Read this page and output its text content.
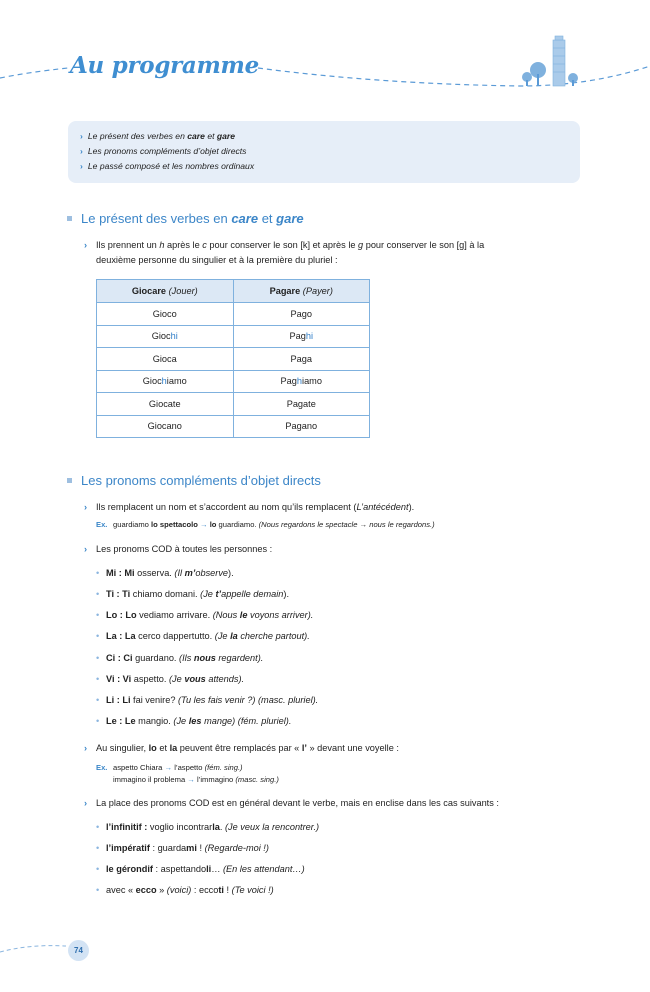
Au programme
› Le présent des verbes en care et gare
› Les pronoms compléments d’objet directs
› Le passé composé et les nombres ordinaux
Le présent des verbes en care et gare
› Ils prennent un h après le c pour conserver le son [k] et après le g pour conserver le son [g] à la
deuxième personne du singulier et à la première du pluriel :
Giocare (Jouer)	Pagare (Payer)
Gioco	Pago
Giochi	Paghi
Gioca	Paga
Giochiamo	Paghiamo
Giocate	Pagate
Giocano	Pagano
Les pronoms compléments d’objet directs
› Ils remplacent un nom et s’accordent au nom qu’ils remplacent (L’antécédent).
Ex. guardiamo lo spettacolo → lo guardiamo. (Nous regardons le spectacle → nous le regardons.)
› Les pronoms COD à toutes les personnes :
• Mi : Mi osserva. (Il m’observe).
• Ti : Ti chiamo domani. (Je t’appelle demain).
• Lo : Lo vediamo arrivare. (Nous le voyons arriver).
• La : La cerco dappertutto. (Je la cherche partout).
• Ci : Ci guardano. (Ils nous regardent).
• Vi : Vi aspetto. (Je vous attends).
• Li : Li fai venire? (Tu les fais venir ?) (masc. pluriel).
• Le : Le mangio. (Je les mange) (fém. pluriel).
› Au singulier, lo et la peuvent être remplacés par « l’ » devant une voyelle :
Ex. aspetto Chiara → l’aspetto (fém. sing.)
immagino il problema → l’immagino (masc. sing.)
› La place des pronoms COD est en général devant le verbe, mais en enclise dans les cas suivants :
• l’infinitif : voglio incontrarla. (Je veux la rencontrer.)
• l’impératif : guardami ! (Regarde-moi !)
• le gérondif : aspettandoli… (En les attendant…)
• avec « ecco » (voici) : eccoti ! (Te voici !)
74
